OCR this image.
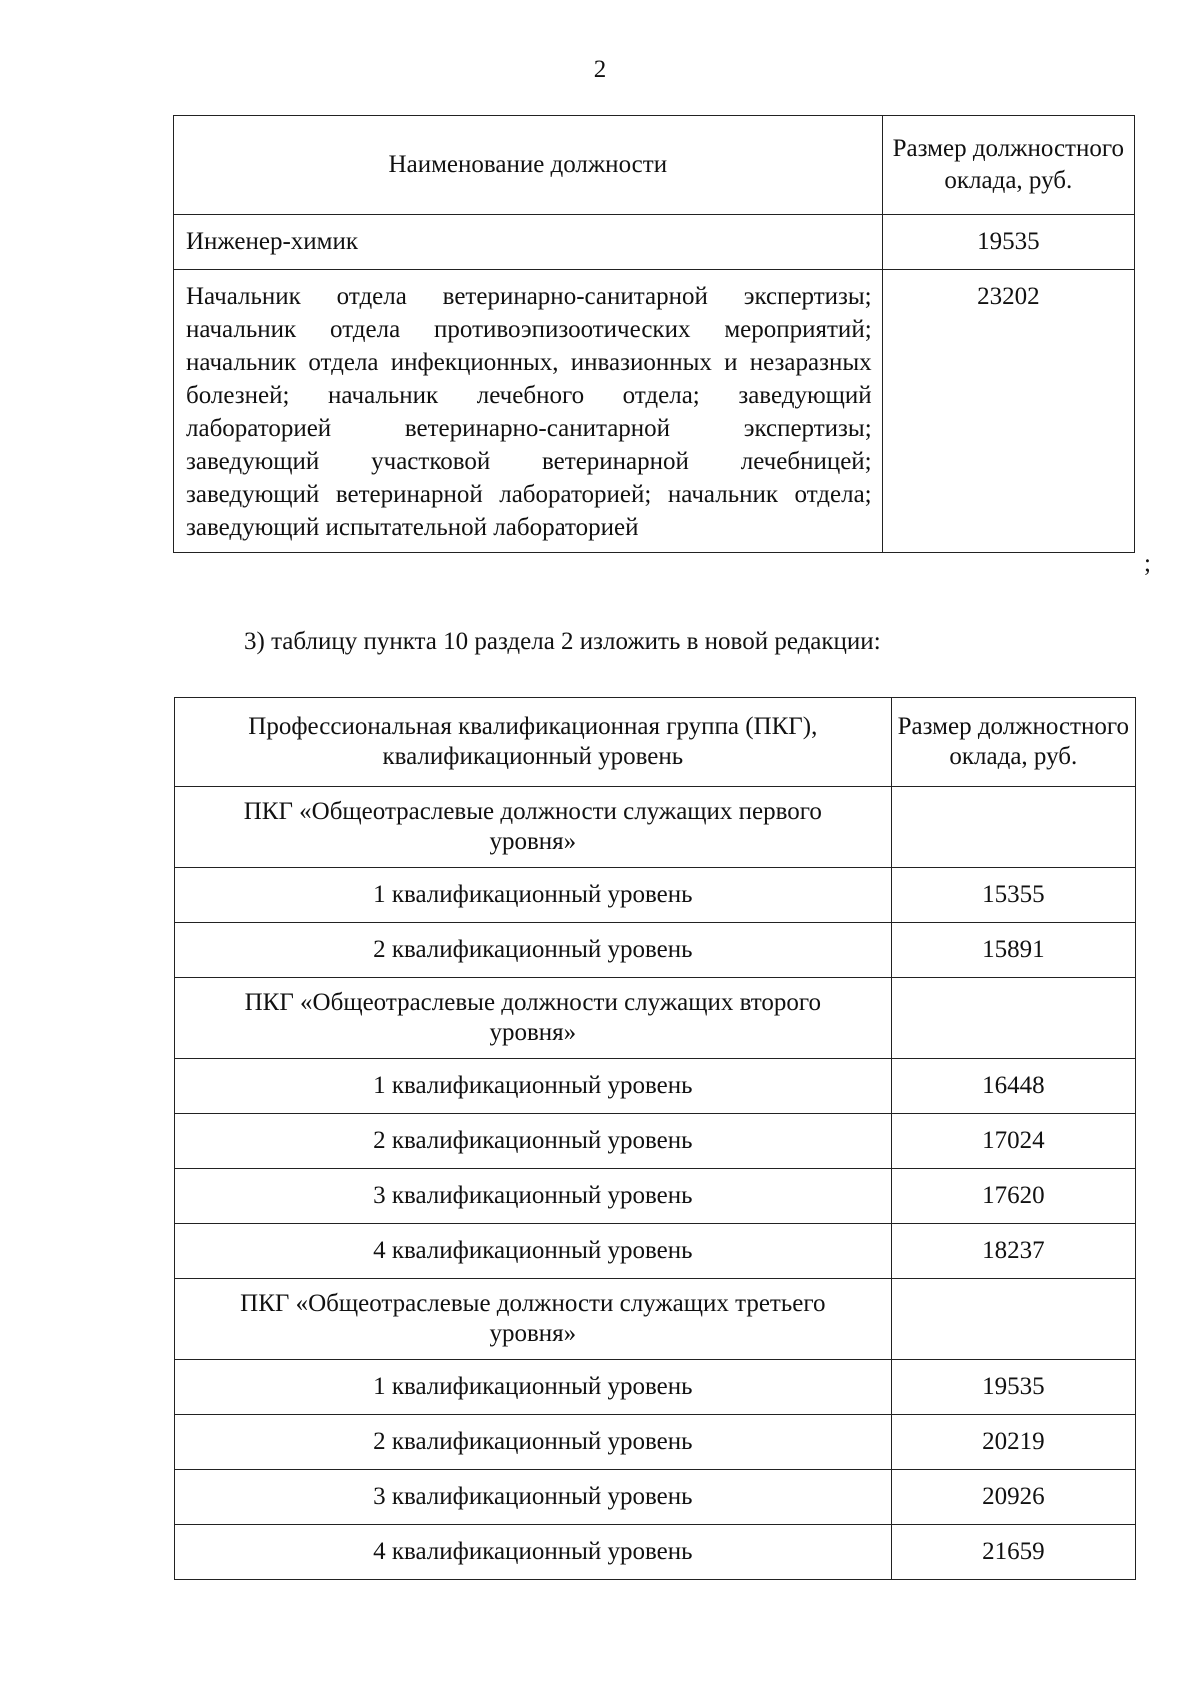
2
Наименование должности	Размер должностного оклада, руб.
Инженер-химик	19535
Начальник отдела ветеринарно-санитарной экспертизы; начальник отдела противоэпизоотических мероприятий; начальник отдела инфекционных, инвазионных и незаразных болезней; начальник лечебного отдела; заведующий лабораторией ветеринарно-санитарной экспертизы; заведующий участковой ветеринарной лечебницей; заведующий ветеринарной лабораторией; начальник отдела; заведующий испытательной лабораторией	23202
;
3) таблицу пункта 10 раздела 2 изложить в новой редакции:
Профессиональная квалификационная группа (ПКГ), квалификационный уровень	Размер должностного оклада, руб.
ПКГ «Общеотраслевые должности служащих первого уровня»	
1 квалификационный уровень	15355
2 квалификационный уровень	15891
ПКГ «Общеотраслевые должности служащих второго уровня»	
1 квалификационный уровень	16448
2 квалификационный уровень	17024
3 квалификационный уровень	17620
4 квалификационный уровень	18237
ПКГ «Общеотраслевые должности служащих третьего уровня»	
1 квалификационный уровень	19535
2 квалификационный уровень	20219
3 квалификационный уровень	20926
4 квалификационный уровень	21659
